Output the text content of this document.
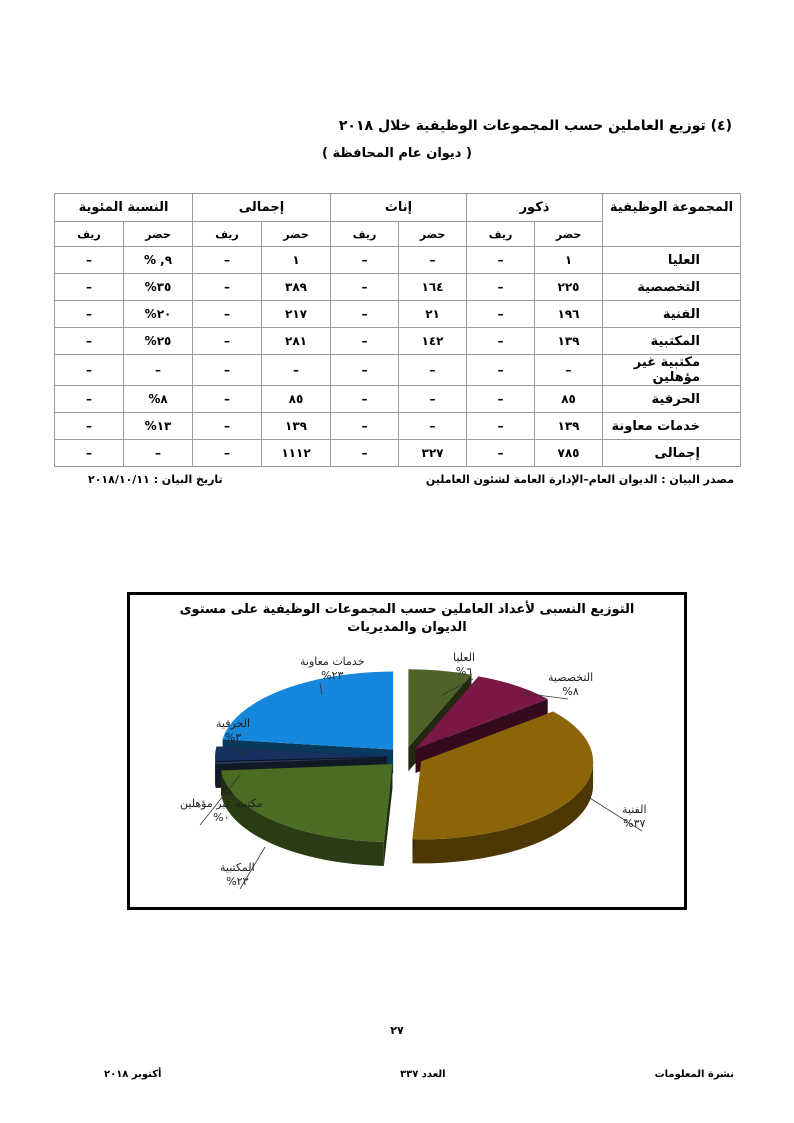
(٤) توزيع العاملين حسب المجموعات الوظيفية خلال ٢٠١٨
( ديوان عام المحافظة )
المجموعة الوظيفية	ذكور		إناث		إجمالى		النسبة المئوية	
	حضر	ريف	حضر	ريف	حضر	ريف	حضر	ريف
العليا	١	–	–	–	١	–	٩, %	–
التخصصية	٢٢٥	–	١٦٤	–	٣٨٩	–	٣٥%	–
الفنية	١٩٦	–	٢١	–	٢١٧	–	٢٠%	–
المكتبية	١٣٩	–	١٤٢	–	٢٨١	–	٢٥%	–
مكتبية غير مؤهلين	–	–	–	–	–	–	–	–
الحرفية	٨٥	–	–	–	٨٥	–	٨%	–
خدمات معاونة	١٣٩	–	–	–	١٣٩	–	١٣%	–
إجمالى	٧٨٥	–	٣٢٧	–	١١١٢	–	–	–
مصدر البيان : الديوان العام–الإدارة العامة لشئون العاملين
تاريخ البيان : ٢٠١٨/١٠/١١
التوزيع النسبى لأعداد العاملين حسب المجموعات الوظيفية على مستوى الديوان والمديريات
العليا
٦%	التخصصية
٨%
الفنية
٣٧%
المكتبية
٢٣%
مكتبية غير مؤهلين
٠%
الحرفية
٣%
خدمات معاونة
٢٣%
٢٧
نشرة المعلومات
العدد ٣٣٧
أكتوبر ٢٠١٨
